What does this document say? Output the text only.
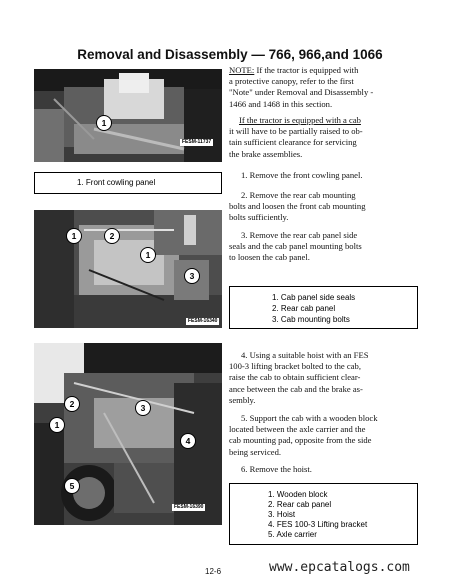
Removal and Disassembly — 766, 966,and 1066
1
FESM-11737
1. Front cowling panel
1	2
1
3
FESM-16340
2	3
1
4
5
FESM-16390
NOTE: If the tractor is equipped with
a protective canopy, refer to the first
"Note" under Removal and Disassembly -
1466 and 1468 in this section.
If the tractor is equipped with a cab
it will have to be partially raised to ob-
tain sufficient clearance for servicing
the brake assemblies.
1. Remove the front cowling panel.
2. Remove the rear cab mounting
bolts and loosen the front cab mounting
bolts sufficiently.
3. Remove the rear cab panel side
seals and the cab panel mounting bolts
to loosen the cab panel.
1. Cab panel side seals
2. Rear cab panel
3. Cab mounting bolts
4. Using a suitable hoist with an FES
100-3 lifting bracket bolted to the cab,
raise the cab to obtain sufficient clear-
ance between the cab and the brake as-
sembly.
5. Support the cab with a wooden block
located between the axle carrier and the
cab mounting pad, opposite from the side
being serviced.
6. Remove the hoist.
1. Wooden block
2. Rear cab panel
3. Hoist
4. FES 100-3 Lifting bracket
5. Axle carrier
12-6	www.epcatalogs.com
